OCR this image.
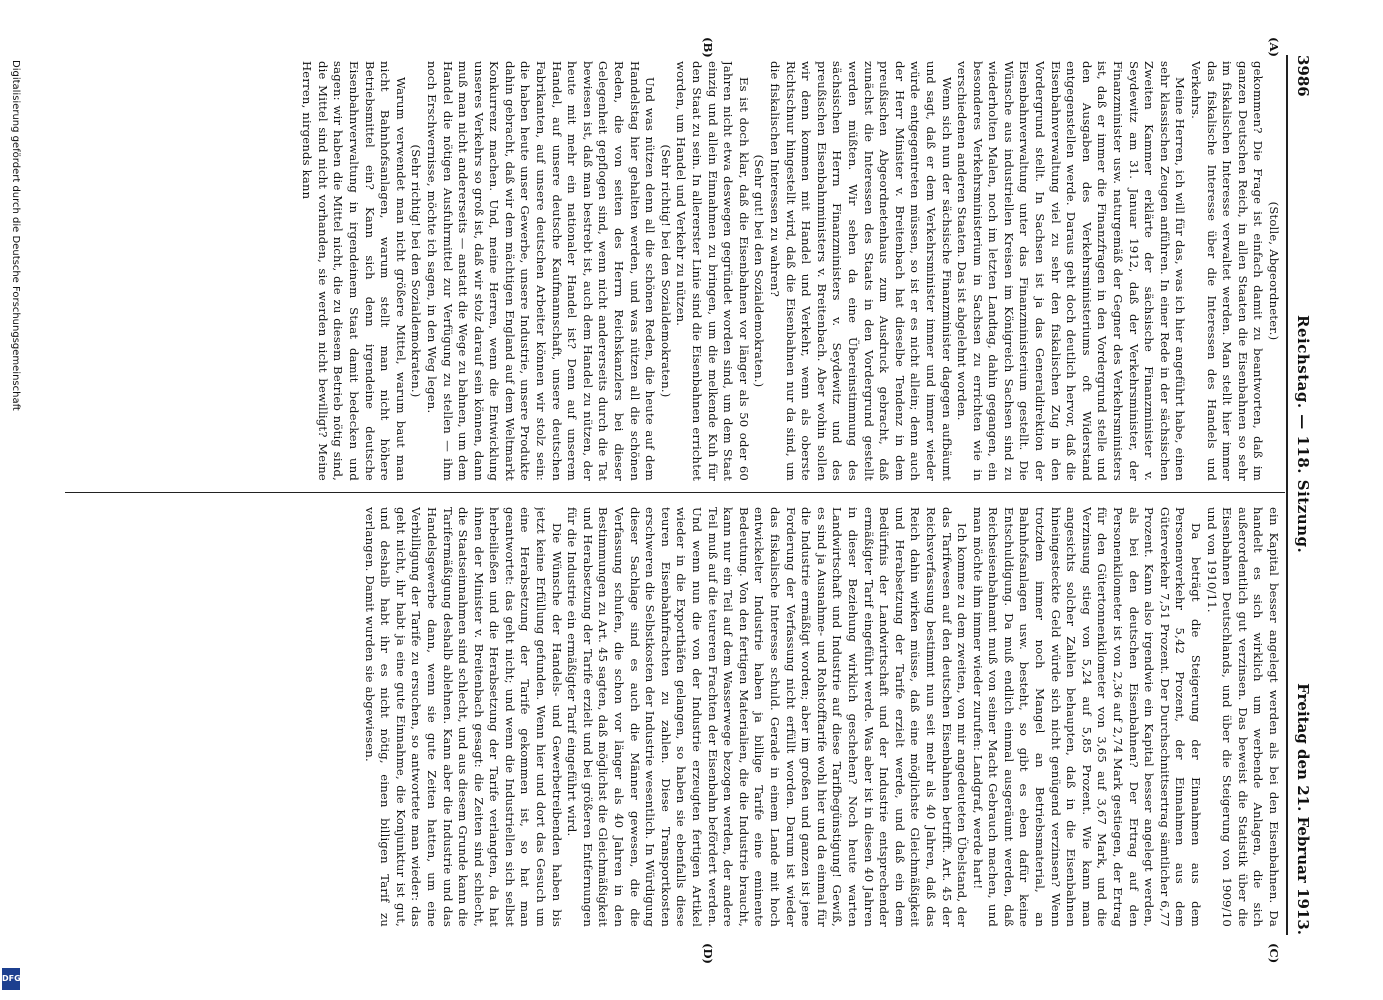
Digitalisierung gefördert durch die Deutsche Forschungsgemeinschaft
DFG
3986
Reichstag. — 118. Sitzung.
Freitag den 21. Februar 1913.
(A)
(B)
(C)
(D)

(Stolle, Abgeordneter.)

gekommen? Die Frage ist einfach damit zu beantworten, daß im ganzen Deutschen Reich, in allen Staaten die Eisenbahnen so sehr im fiskalischen Interesse verwaltet werden. Man stellt hier immer das fiskalische Interesse über die Interessen des Handels und Verkehrs.

Meine Herren, ich will für das, was ich hier angeführt habe, einen sehr klassischen Zeugen anführen. In einer Rede in der sächsischen Zweiten Kammer erklärte der sächsische Finanzminister v. Seydewitz am 31. Januar 1912, daß der Verkehrsminister, der Finanzminister usw. naturgemäß der Gegner des Verkehrsministers ist, daß er immer die Finanzfragen in den Vordergrund stelle und den Ausgaben des Verkehrsministeriums oft Widerstand entgegenstellen werde. Daraus geht doch deutlich hervor, daß die Eisenbahnverwaltung viel zu sehr den fiskalischen Zug in den Vordergrund stellt. In Sachsen ist ja das Generaldirektion der Eisenbahnverwaltung unter das Finanzministerium gestellt. Die Wünsche aus industriellen Kreisen im Königreich Sachsen sind zu wiederholten Malen, noch im letzten Landtag, dahin gegangen, ein besonderes Verkehrsministerium in Sachsen zu errichten wie in verschiedenen anderen Staaten. Das ist abgelehnt worden.

Wenn sich nun der sächsische Finanzminister dagegen aufbäumt und sagt, daß er dem Verkehrsminister immer und immer wieder würde entgegentreten müssen, so ist er es nicht allein; denn auch der Herr Minister v. Breitenbach hat dieselbe Tendenz in dem preußischen Abgeordnetenhaus zum Ausdruck gebracht, daß zunächst die Interessen des Staats in den Vordergrund gestellt werden müßten. Wir sehen da eine Übereinstimmung des sächsischen Herrn Finanzministers v. Seydewitz und des preußischen Eisenbahnministers v. Breitenbach. Aber wohin sollen wir denn kommen mit Handel und Verkehr, wenn als oberste Richtschnur hingestellt wird, daß die Eisenbahnen nur da sind, um die fiskalischen Interessen zu wahren?

(Sehr gut! bei den Sozialdemokraten.)

Es ist doch klar, daß die Eisenbahnen vor länger als 50 oder 60 Jahren nicht etwa deswegen gegründet worden sind, um dem Staat einzig und allein Einnahmen zu bringen, um die melkende Kuh für den Staat zu sein. In allererster Linie sind die Eisenbahnen errichtet worden, um Handel und Verkehr zu nützen.

(Sehr richtig! bei den Sozialdemokraten.)

Und was nützen denn all die schönen Reden, die heute auf dem Handelstag hier gehalten werden, und was nützen all die schönen Reden, die von seiten des Herrn Reichskanzlers bei dieser Gelegenheit gepflogen sind, wenn nicht andererseits durch die Tat bewiesen ist, daß man bestrebt ist, auch dem Handel zu nützen, der heute mit mehr ein nationaler Handel ist? Denn auf unserem Handel, auf unsere deutsche Kaufmannschaft, unsere deutschen Fabrikanten, auf unsere deutschen Arbeiter können wir stolz sein: die haben heute unser Gewerbe, unsere Industrie, unsere Produkte dahin gebracht, daß wir dem mächtigen England auf dem Weltmarkt Konkurrenz machen. Und, meine Herren, wenn die Entwicklung unseres Verkehrs so groß ist, daß wir stolz darauf sein können, dann muß man nicht andererseits — anstatt die Wege zu bahnen, um dem Handel die nötigen Ausfuhrmittel zur Verfügung zu stellen — ihm noch Erschwernisse, möchte ich sagen, in den Weg legen.

(Sehr richtig! bei den Sozialdemokraten.)

Warum verwendet man nicht größere Mittel, warum baut man nicht Bahnhofsanlagen, warum stellt man nicht höhere Betriebsmittel ein? Kann sich denn irgendeine deutsche Eisenbahnverwaltung in irgendeinem Staat damit bedecken und sagen: wir haben die Mittel nicht, die zu diesem Betrieb nötig sind, die Mittel sind nicht vorhanden, sie werden nicht bewilligt? Meine Herren, nirgends kann

ein Kapital besser angelegt werden als bei den Eisenbahnen. Da handelt es sich wirklich um werbende Anlagen, die sich außerordentlich gut verzinsen. Das beweist die Statistik über die Eisenbahnen Deutschlands, und über die Steigerung von 1909/10 und von 1910/11.

Da beträgt die Steigerung der Einnahmen aus dem Personenverkehr 5,42 Prozent, der Einnahmen aus dem Güterverkehr 7,51 Prozent. Der Durchschnittsertrag sämtlicher 6,77 Prozent. Kann also irgendwie ein Kapital besser angelegt werden, als bei den deutschen Eisenbahnen? Der Ertrag auf den Personenkilometer ist von 2,36 auf 2,74 Mark gestiegen, der Ertrag für den Gütertonnenkilometer von 3,65 auf 3,67 Mark, und die Verzinsung stieg von 5,24 auf 5,85 Prozent. Wie kann man angesichts solcher Zahlen behaupten, daß in die Eisenbahnen hineingesteckte Geld würde sich nicht genügend verzinsen? Wenn trotzdem immer noch Mangel an Betriebsmaterial, an Bahnhofsanlagen usw. besteht, so gibt es eben dafür keine Entschuldigung. Da muß endlich einmal ausgeräumt werden, daß Reichseisenbahnamt muß von seiner Macht Gebrauch machen, und man möchte ihm immer wieder zurufen: Landgraf, werde hart!

Ich komme zu dem zweiten, von mir angedeuteten Übelstand, der das Tarifwesen auf den deutschen Eisenbahnen betrifft. Art. 45 der Reichsverfassung bestimmt nun seit mehr als 40 Jahren, daß das Reich dahin wirken müsse, daß eine möglichste Gleichmäßigkeit und Herabsetzung der Tarife erzielt werde, und daß ein dem Bedürfnis der Landwirtschaft und der Industrie entsprechender ermäßigter Tarif eingeführt werde. Was aber ist in diesen 40 Jahren in dieser Beziehung wirklich geschehen? Noch heute warten Landwirtschaft und Industrie auf diese Tarifbegünstigung! Gewiß, es sind ja Ausnahme- und Rohstofftarife wohl hier und da einmal für die Industrie ermäßigt worden; aber im großen und ganzen ist jene Forderung der Verfassung nicht erfüllt worden. Darum ist wieder das fiskalische Interesse schuld. Gerade in einem Lande mit hoch entwickelter Industrie haben ja billige Tarife eine eminente Bedeutung. Von den fertigen Materialien, die die Industrie braucht, kann nur ein Teil auf dem Wasserwege bezogen werden, der andere Teil muß auf die teureren Frachten der Eisenbahn befördert werden. Und wenn nun die von der Industrie erzeugten fertigen Artikel wieder in die Exporthäfen gelangen, so haben sie ebenfalls diese teuren Eisenbahnfrachten zu zahlen. Diese Transportkosten erschweren die Selbstkosten der Industrie wesentlich. In Würdigung dieser Sachlage sind es auch die Männer gewesen, die die Verfassung schufen, die schon vor länger als 40 Jahren in den Bestimmungen zu Art. 45 sagten, daß möglichst die Gleichmäßigkeit und Herabsetzung der Tarife erzielt und bei größeren Entfernungen für die Industrie ein ermäßigter Tarif eingeführt wird.

Die Wünsche der Handels- und Gewerbetreibenden haben bis jetzt keine Erfüllung gefunden. Wenn hier und dort das Gesuch um eine Herabsetzung der Tarife gekommen ist, so hat man geantwortet: das geht nicht; und wenn die Industriellen sich selbst herbeiließen und die Herabsetzung der Tarife verlangten, da hat ihnen der Minister v. Breitenbach gesagt: die Zeiten sind schlecht, die Staatseinnahmen sind schlecht, und aus diesem Grunde kann die Tarifermäßigung deshalb ablehnen. Kann aber die Industrie und das Handelsgewerbe dann, wenn sie gute Zeiten hatten, um eine Verbilligung der Tarife zu ersuchen, so antwortete man wieder: das geht nicht, ihr habt ja eine gute Einnahme, die Konjunktur ist gut, und deshalb habt ihr es nicht nötig, einen billigen Tarif zu verlangen. Damit wurden sie abgewiesen.
